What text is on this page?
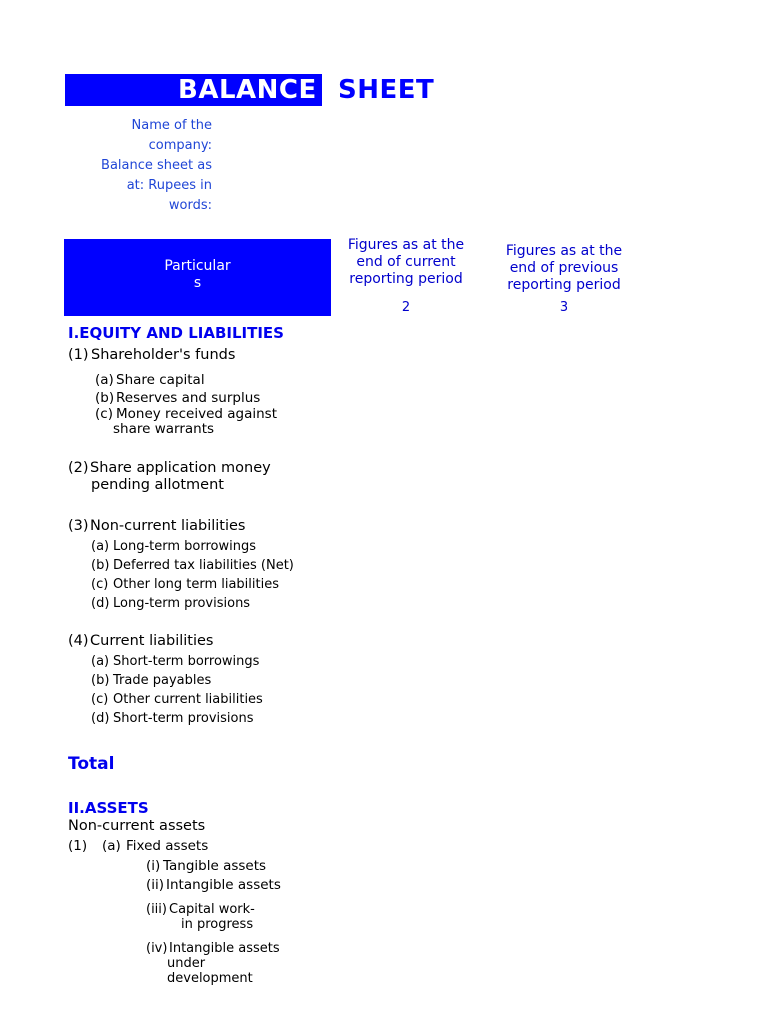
BALANCE SHEET
Name of the
company:
Balance sheet as
at: Rupees in
words:
Particular
s
Figures as at the
end of current
reporting period
2
Figures as at the
end of previous
reporting period
3
I.EQUITY AND LIABILITIES
(1) Shareholder's funds
(a) Share capital
(b) Reserves and surplus
(c) Money received against
share warrants
(2) Share application money
pending allotment
(3) Non-current liabilities
(a) Long-term borrowings
(b) Deferred tax liabilities (Net)
(c) Other long term liabilities
(d) Long-term provisions
(4) Current liabilities
(a) Short-term borrowings
(b) Trade payables
(c) Other current liabilities
(d) Short-term provisions
Total
II.ASSETS
Non-current assets
(1) (a) Fixed assets
(i) Tangible assets
(ii) Intangible assets
(iii) Capital work-
in progress
(iv) Intangible assets
under
development
